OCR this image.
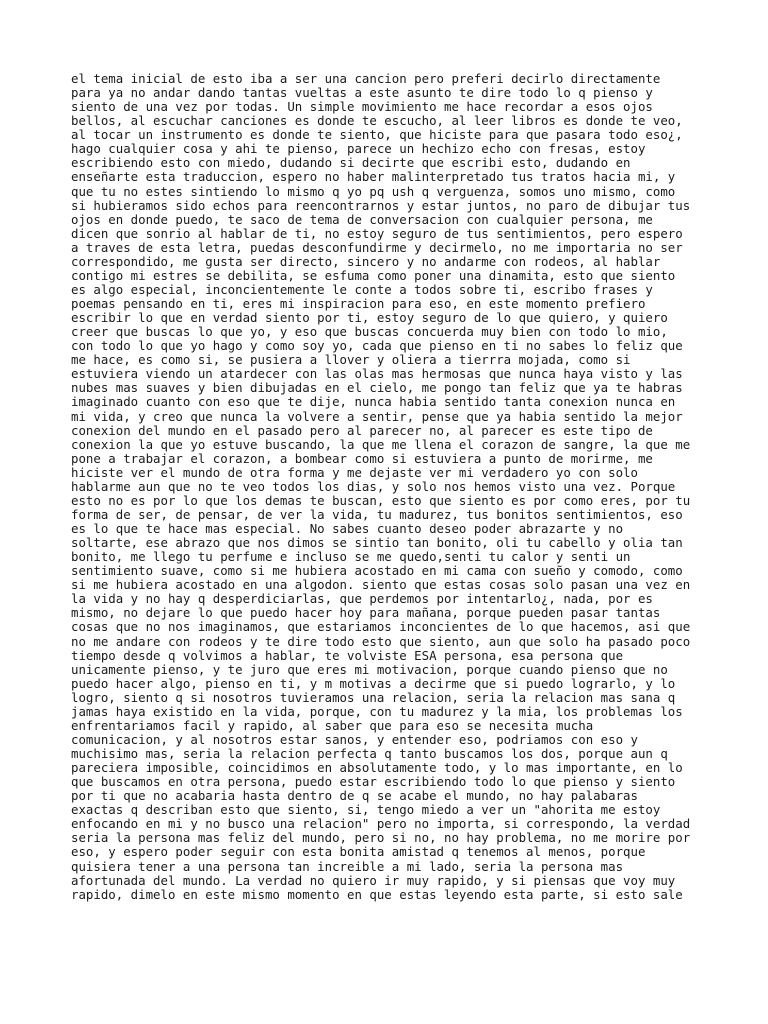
el tema inicial de esto iba a ser una cancion pero preferi decirlo directamente
para ya no andar dando tantas vueltas a este asunto te dire todo lo q pienso y
siento de una vez por todas. Un simple movimiento me hace recordar a esos ojos
bellos, al escuchar canciones es donde te escucho, al leer libros es donde te veo,
al tocar un instrumento es donde te siento, que hiciste para que pasara todo eso¿,
hago cualquier cosa y ahi te pienso, parece un hechizo echo con fresas, estoy
escribiendo esto con miedo, dudando si decirte que escribi esto, dudando en
enseñarte esta traduccion, espero no haber malinterpretado tus tratos hacia mi, y
que tu no estes sintiendo lo mismo q yo pq ush q verguenza, somos uno mismo, como
si hubieramos sido echos para reencontrarnos y estar juntos, no paro de dibujar tus
ojos en donde puedo, te saco de tema de conversacion con cualquier persona, me
dicen que sonrio al hablar de ti, no estoy seguro de tus sentimientos, pero espero
a traves de esta letra, puedas desconfundirme y decirmelo, no me importaria no ser
correspondido, me gusta ser directo, sincero y no andarme con rodeos, al hablar
contigo mi estres se debilita, se esfuma como poner una dinamita, esto que siento
es algo especial, inconcientemente le conte a todos sobre ti, escribo frases y
poemas pensando en ti, eres mi inspiracion para eso, en este momento prefiero
escribir lo que en verdad siento por ti, estoy seguro de lo que quiero, y quiero
creer que buscas lo que yo, y eso que buscas concuerda muy bien con todo lo mio,
con todo lo que yo hago y como soy yo, cada que pienso en ti no sabes lo feliz que
me hace, es como si, se pusiera a llover y oliera a tierrra mojada, como si
estuviera viendo un atardecer con las olas mas hermosas que nunca haya visto y las
nubes mas suaves y bien dibujadas en el cielo, me pongo tan feliz que ya te habras
imaginado cuanto con eso que te dije, nunca habia sentido tanta conexion nunca en
mi vida, y creo que nunca la volvere a sentir, pense que ya habia sentido la mejor
conexion del mundo en el pasado pero al parecer no, al parecer es este tipo de
conexion la que yo estuve buscando, la que me llena el corazon de sangre, la que me
pone a trabajar el corazon, a bombear como si estuviera a punto de morirme, me
hiciste ver el mundo de otra forma y me dejaste ver mi verdadero yo con solo
hablarme aun que no te veo todos los dias, y solo nos hemos visto una vez. Porque
esto no es por lo que los demas te buscan, esto que siento es por como eres, por tu
forma de ser, de pensar, de ver la vida, tu madurez, tus bonitos sentimientos, eso
es lo que te hace mas especial. No sabes cuanto deseo poder abrazarte y no
soltarte, ese abrazo que nos dimos se sintio tan bonito, oli tu cabello y olia tan
bonito, me llego tu perfume e incluso se me quedo,senti tu calor y senti un
sentimiento suave, como si me hubiera acostado en mi cama con sueño y comodo, como
si me hubiera acostado en una algodon. siento que estas cosas solo pasan una vez en
la vida y no hay q desperdiciarlas, que perdemos por intentarlo¿, nada, por es
mismo, no dejare lo que puedo hacer hoy para mañana, porque pueden pasar tantas
cosas que no nos imaginamos, que estariamos inconcientes de lo que hacemos, asi que
no me andare con rodeos y te dire todo esto que siento, aun que solo ha pasado poco
tiempo desde q volvimos a hablar, te volviste ESA persona, esa persona que
unicamente pienso, y te juro que eres mi motivacion, porque cuando pienso que no
puedo hacer algo, pienso en ti, y m motivas a decirme que si puedo lograrlo, y lo
logro, siento q si nosotros tuvieramos una relacion, seria la relacion mas sana q
jamas haya existido en la vida, porque, con tu madurez y la mia, los problemas los
enfrentariamos facil y rapido, al saber que para eso se necesita mucha
comunicacion, y al nosotros estar sanos, y entender eso, podriamos con eso y
muchisimo mas, seria la relacion perfecta q tanto buscamos los dos, porque aun q
pareciera imposible, coincidimos en absolutamente todo, y lo mas importante, en lo
que buscamos en otra persona, puedo estar escribiendo todo lo que pienso y siento
por ti que no acabaria hasta dentro de q se acabe el mundo, no hay palabaras
exactas q describan esto que siento, si, tengo miedo a ver un "ahorita me estoy
enfocando en mi y no busco una relacion" pero no importa, si correspondo, la verdad
seria la persona mas feliz del mundo, pero si no, no hay problema, no me morire por
eso, y espero poder seguir con esta bonita amistad q tenemos al menos, porque
quisiera tener a una persona tan increible a mi lado, seria la persona mas
afortunada del mundo. La verdad no quiero ir muy rapido, y si piensas que voy muy
rapido, dimelo en este mismo momento en que estas leyendo esta parte, si esto sale
